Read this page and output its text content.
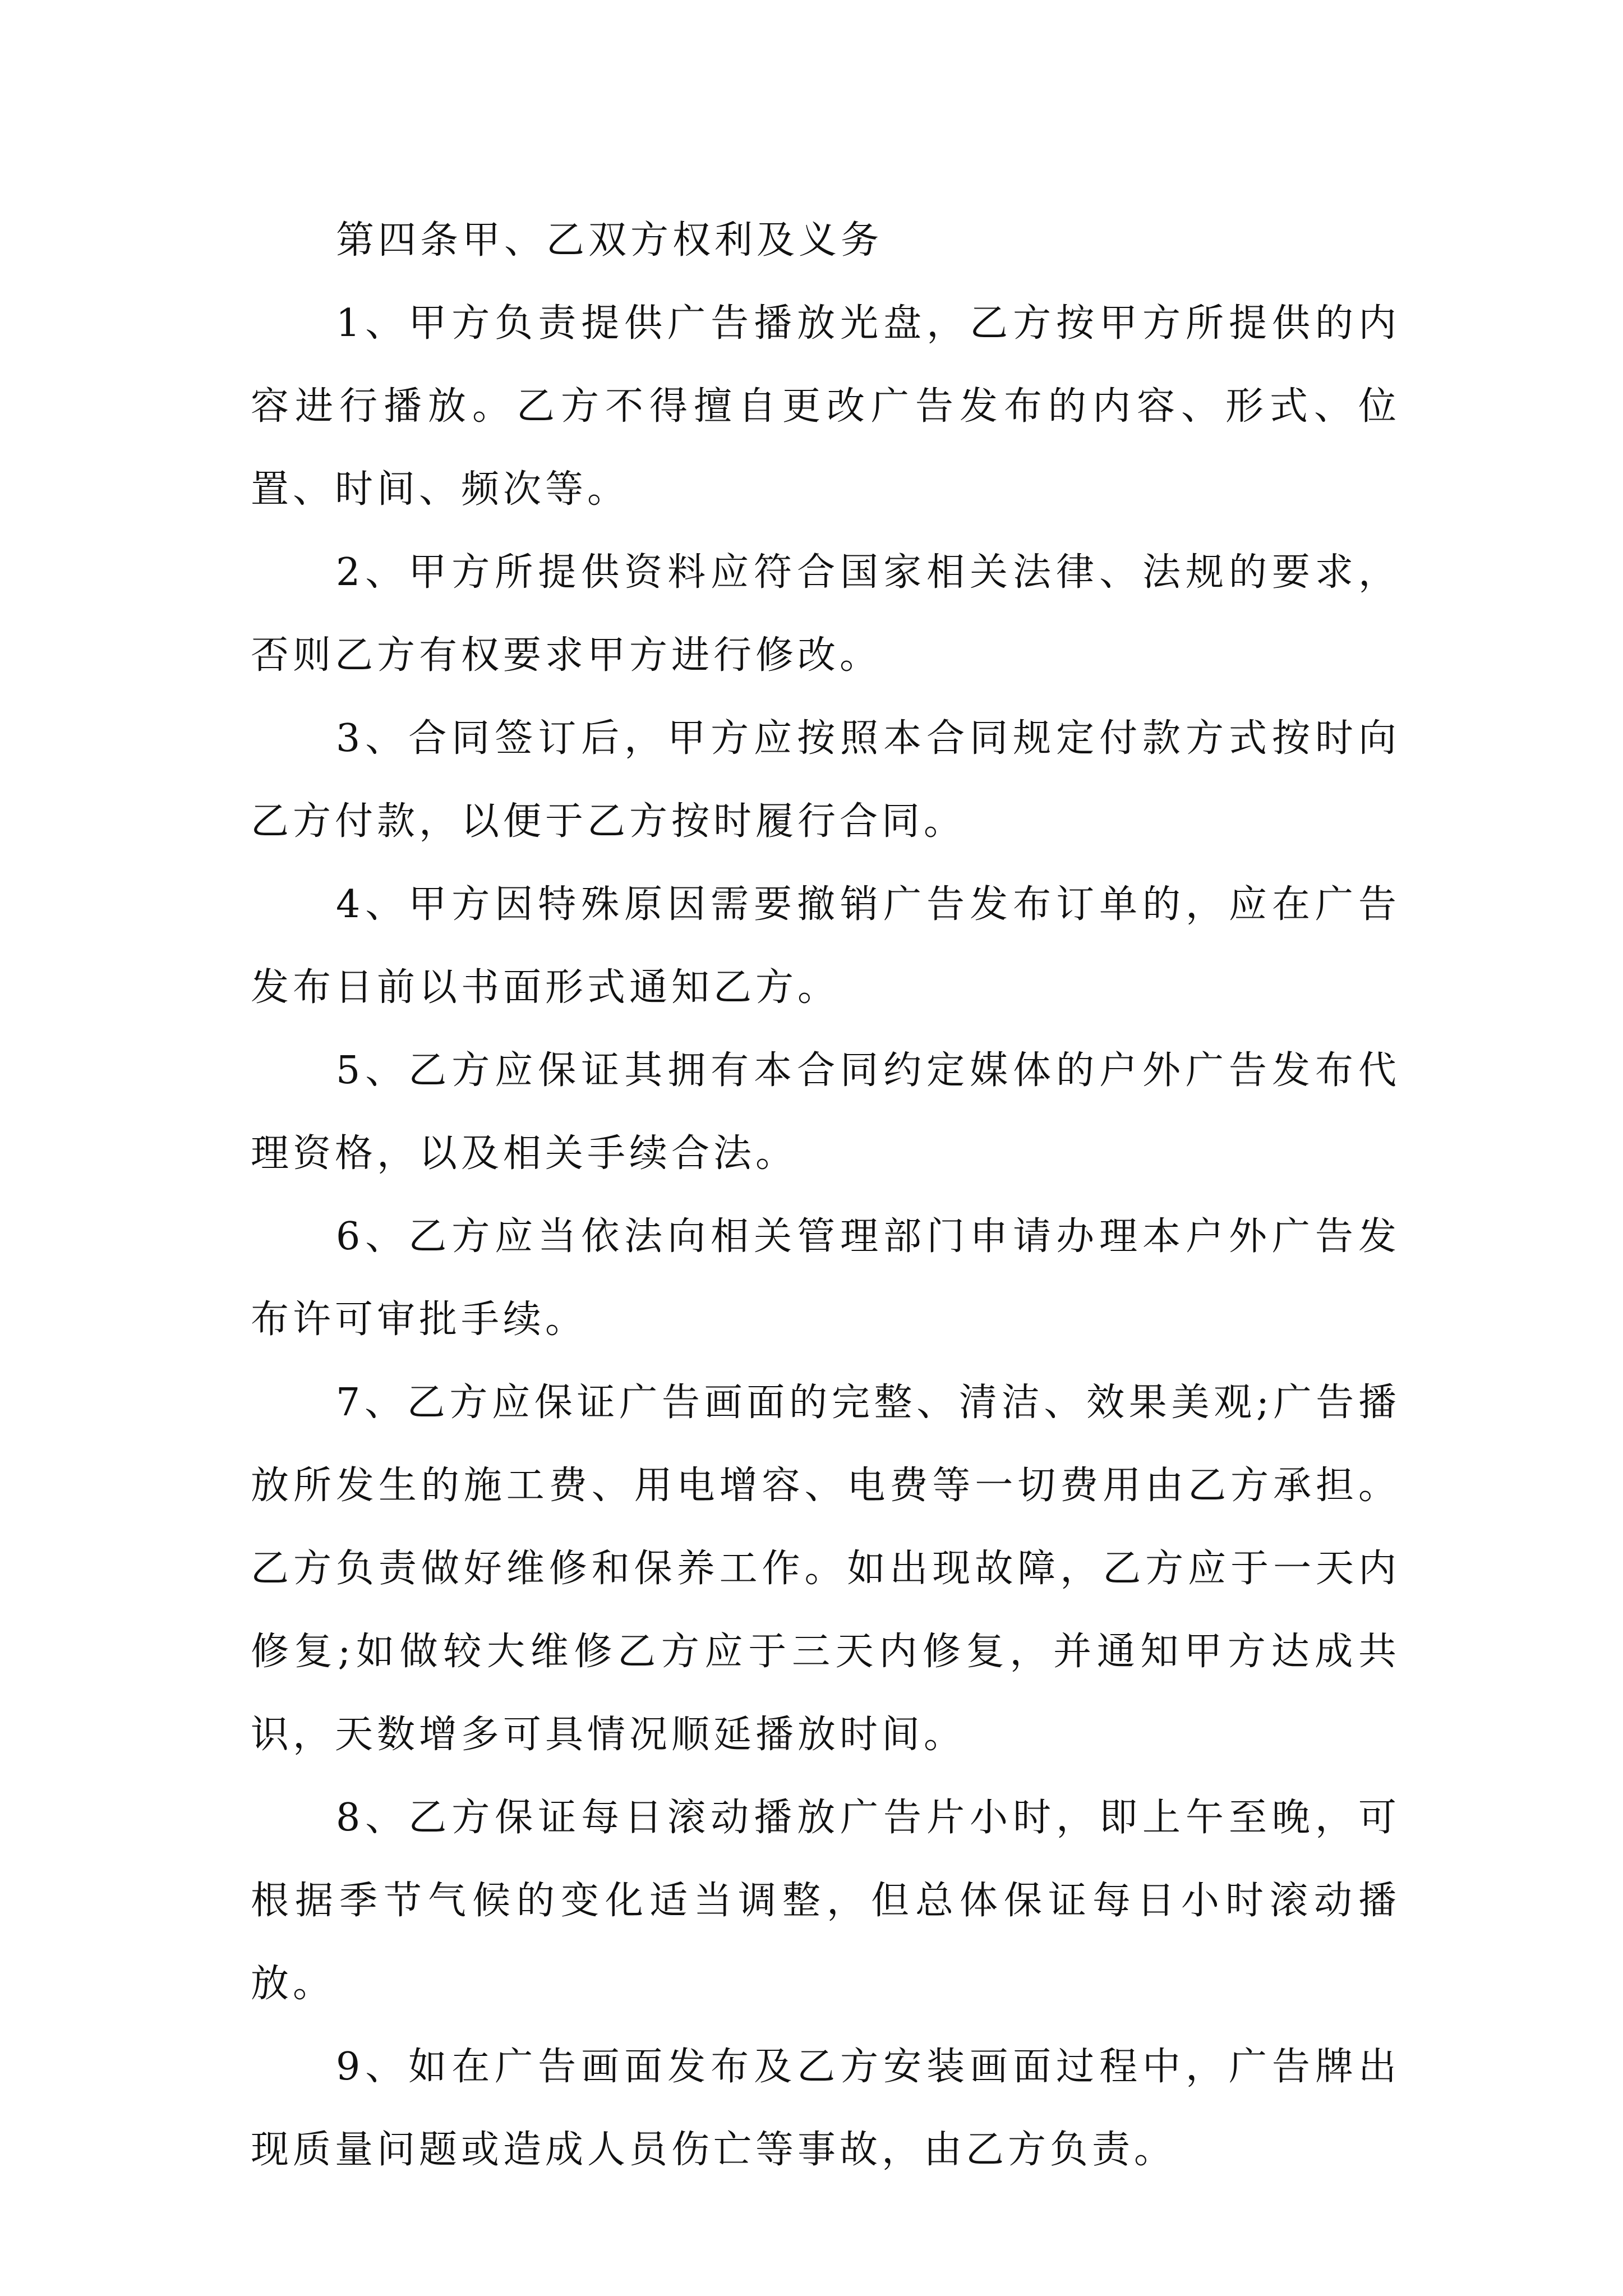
第四条甲、乙双方权利及义务

1、甲方负责提供广告播放光盘，乙方按甲方所提供的内容进行播放。乙方不得擅自更改广告发布的内容、形式、位置、时间、频次等。

2、甲方所提供资料应符合国家相关法律、法规的要求，否则乙方有权要求甲方进行修改。

3、合同签订后，甲方应按照本合同规定付款方式按时向乙方付款，以便于乙方按时履行合同。

4、甲方因特殊原因需要撤销广告发布订单的，应在广告发布日前以书面形式通知乙方。

5、乙方应保证其拥有本合同约定媒体的户外广告发布代理资格，以及相关手续合法。

6、乙方应当依法向相关管理部门申请办理本户外广告发布许可审批手续。

7、乙方应保证广告画面的完整、清洁、效果美观;广告播放所发生的施工费、用电增容、电费等一切费用由乙方承担。乙方负责做好维修和保养工作。如出现故障，乙方应于一天内修复;如做较大维修乙方应于三天内修复，并通知甲方达成共识，天数增多可具情况顺延播放时间。

8、乙方保证每日滚动播放广告片小时，即上午至晚，可根据季节气候的变化适当调整，但总体保证每日小时滚动播放。

9、如在广告画面发布及乙方安装画面过程中，广告牌出现质量问题或造成人员伤亡等事故，由乙方负责。
